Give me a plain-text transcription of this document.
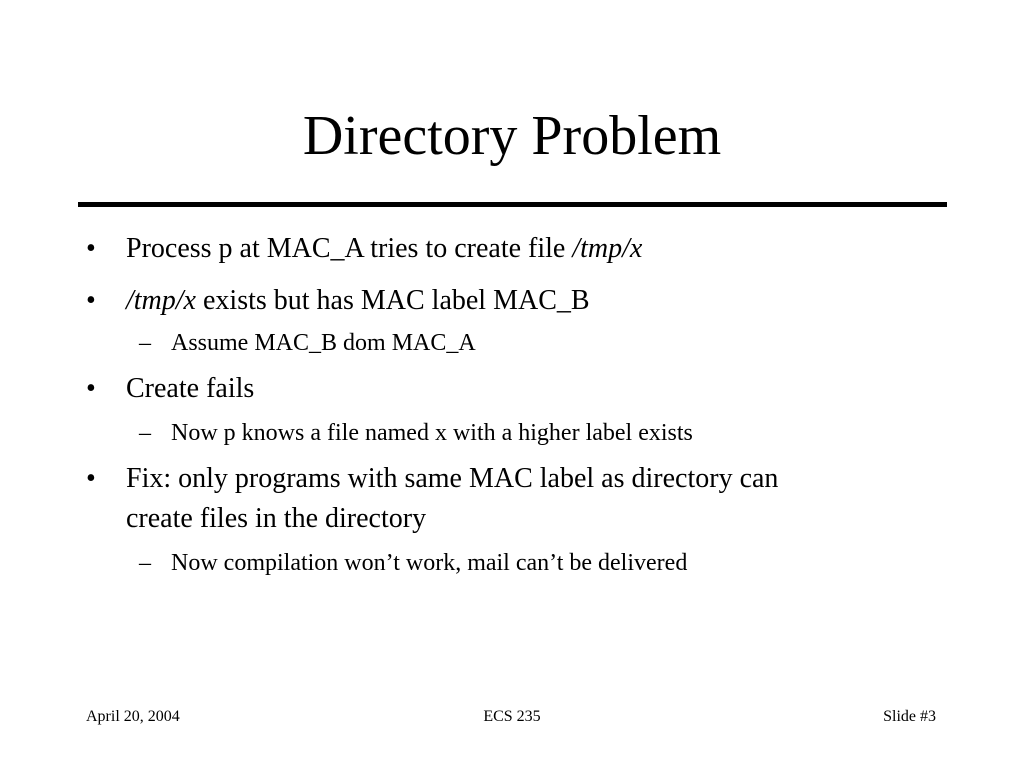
Directory Problem
• Process p at MAC_A tries to create file /tmp/x
• /tmp/x exists but has MAC label MAC_B
– Assume MAC_B dom MAC_A
• Create fails
– Now p knows a file named x with a higher label exists
• Fix: only programs with same MAC label as directory can
create files in the directory
– Now compilation won’t work, mail can’t be delivered
April 20, 2004	ECS 235	Slide #3
